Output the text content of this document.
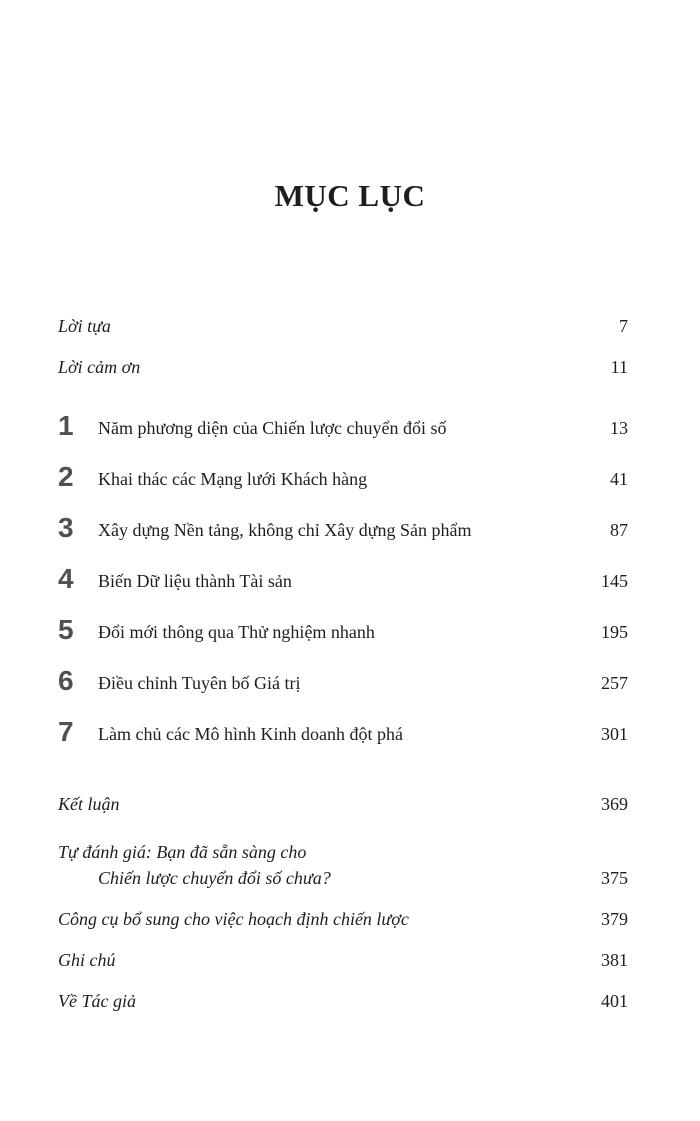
MỤC LỤC
Lời tựa	7
Lời cảm ơn	11
1 Năm phương diện của Chiến lược chuyển đổi số	13
2 Khai thác các Mạng lưới Khách hàng	41
3 Xây dựng Nền tảng, không chỉ Xây dựng Sản phẩm	87
4 Biến Dữ liệu thành Tài sản	145
5 Đổi mới thông qua Thử nghiệm nhanh	195
6 Điều chỉnh Tuyên bố Giá trị	257
7 Làm chủ các Mô hình Kinh doanh đột phá	301
Kết luận	369
Tự đánh giá: Bạn đã sẵn sàng cho
Chiến lược chuyển đổi số chưa?	375
Công cụ bổ sung cho việc hoạch định chiến lược	379
Ghi chú	381
Về Tác giả	401
